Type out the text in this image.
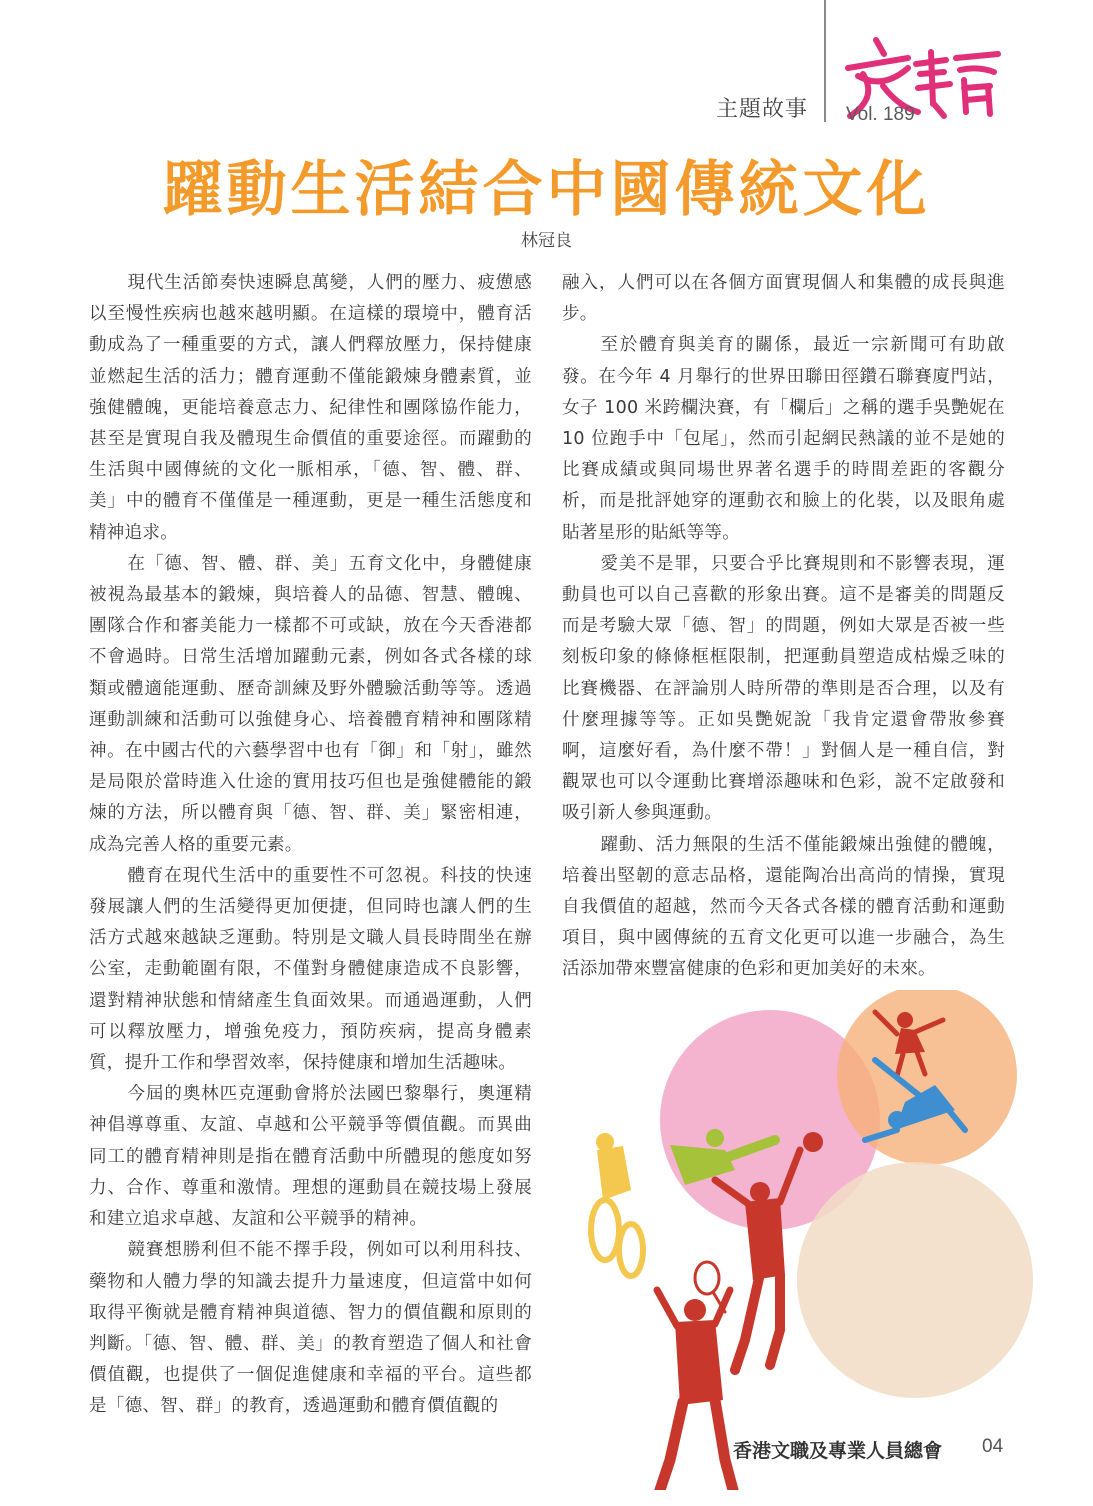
主題故事
文專薈
Vol. 189
躍動生活結合中國傳統文化
林冠良

現代生活節奏快速瞬息萬變，人們的壓力、疲憊感以至慢性疾病也越來越明顯。在這樣的環境中，體育活動成為了一種重要的方式，讓人們釋放壓力，保持健康並燃起生活的活力；體育運動不僅能鍛煉身體素質，並強健體魄，更能培養意志力、紀律性和團隊協作能力，甚至是實現自我及體現生命價值的重要途徑。而躍動的生活與中國傳統的文化一脈相承，「德、智、體、群、美」中的體育不僅僅是一種運動，更是一種生活態度和精神追求。

在「德、智、體、群、美」五育文化中，身體健康被視為最基本的鍛煉，與培養人的品德、智慧、體魄、團隊合作和審美能力一樣都不可或缺，放在今天香港都不會過時。日常生活增加躍動元素，例如各式各樣的球類或體適能運動、歷奇訓練及野外體驗活動等等。透過運動訓練和活動可以強健身心、培養體育精神和團隊精神。在中國古代的六藝學習中也有「御」和「射」，雖然是局限於當時進入仕途的實用技巧但也是強健體能的鍛煉的方法，所以體育與「德、智、群、美」緊密相連，成為完善人格的重要元素。

體育在現代生活中的重要性不可忽視。科技的快速發展讓人們的生活變得更加便捷，但同時也讓人們的生活方式越來越缺乏運動。特別是文職人員長時間坐在辦公室，走動範圍有限，不僅對身體健康造成不良影響，還對精神狀態和情緒產生負面效果。而通過運動，人們可以釋放壓力，增強免疫力，預防疾病，提高身體素質，提升工作和學習效率，保持健康和增加生活趣味。

今屆的奧林匹克運動會將於法國巴黎舉行，奧運精神倡導尊重、友誼、卓越和公平競爭等價值觀。而異曲同工的體育精神則是指在體育活動中所體現的態度如努力、合作、尊重和激情。理想的運動員在競技場上發展和建立追求卓越、友誼和公平競爭的精神。

競賽想勝利但不能不擇手段，例如可以利用科技、藥物和人體力學的知識去提升力量速度，但這當中如何取得平衡就是體育精神與道德、智力的價值觀和原則的判斷。「德、智、體、群、美」的教育塑造了個人和社會價值觀，也提供了一個促進健康和幸福的平台。這些都是「德、智、群」的教育，透過運動和體育價值觀的

融入，人們可以在各個方面實現個人和集體的成長與進步。

至於體育與美育的關係，最近一宗新聞可有助啟發。在今年 4 月舉行的世界田聯田徑鑽石聯賽廈門站，女子 100 米跨欄決賽，有「欄后」之稱的選手吳艷妮在 10 位跑手中「包尾」，然而引起網民熱議的並不是她的比賽成績或與同場世界著名選手的時間差距的客觀分析，而是批評她穿的運動衣和臉上的化裝，以及眼角處貼著星形的貼紙等等。

愛美不是罪，只要合乎比賽規則和不影響表現，運動員也可以自己喜歡的形象出賽。這不是審美的問題反而是考驗大眾「德、智」的問題，例如大眾是否被一些刻板印象的條條框框限制，把運動員塑造成枯燥乏味的比賽機器、在評論別人時所帶的準則是否合理，以及有什麼理據等等。正如吳艷妮說「我肯定還會帶妝參賽啊，這麼好看，為什麼不帶！」對個人是一種自信，對觀眾也可以令運動比賽增添趣味和色彩，說不定啟發和吸引新人參與運動。

躍動、活力無限的生活不僅能鍛煉出強健的體魄，培養出堅韌的意志品格，還能陶冶出高尚的情操，實現自我價值的超越，然而今天各式各樣的體育活動和運動項目，與中國傳統的五育文化更可以進一步融合，為生活添加帶來豐富健康的色彩和更加美好的未來。

香港文職及專業人員總會 04
